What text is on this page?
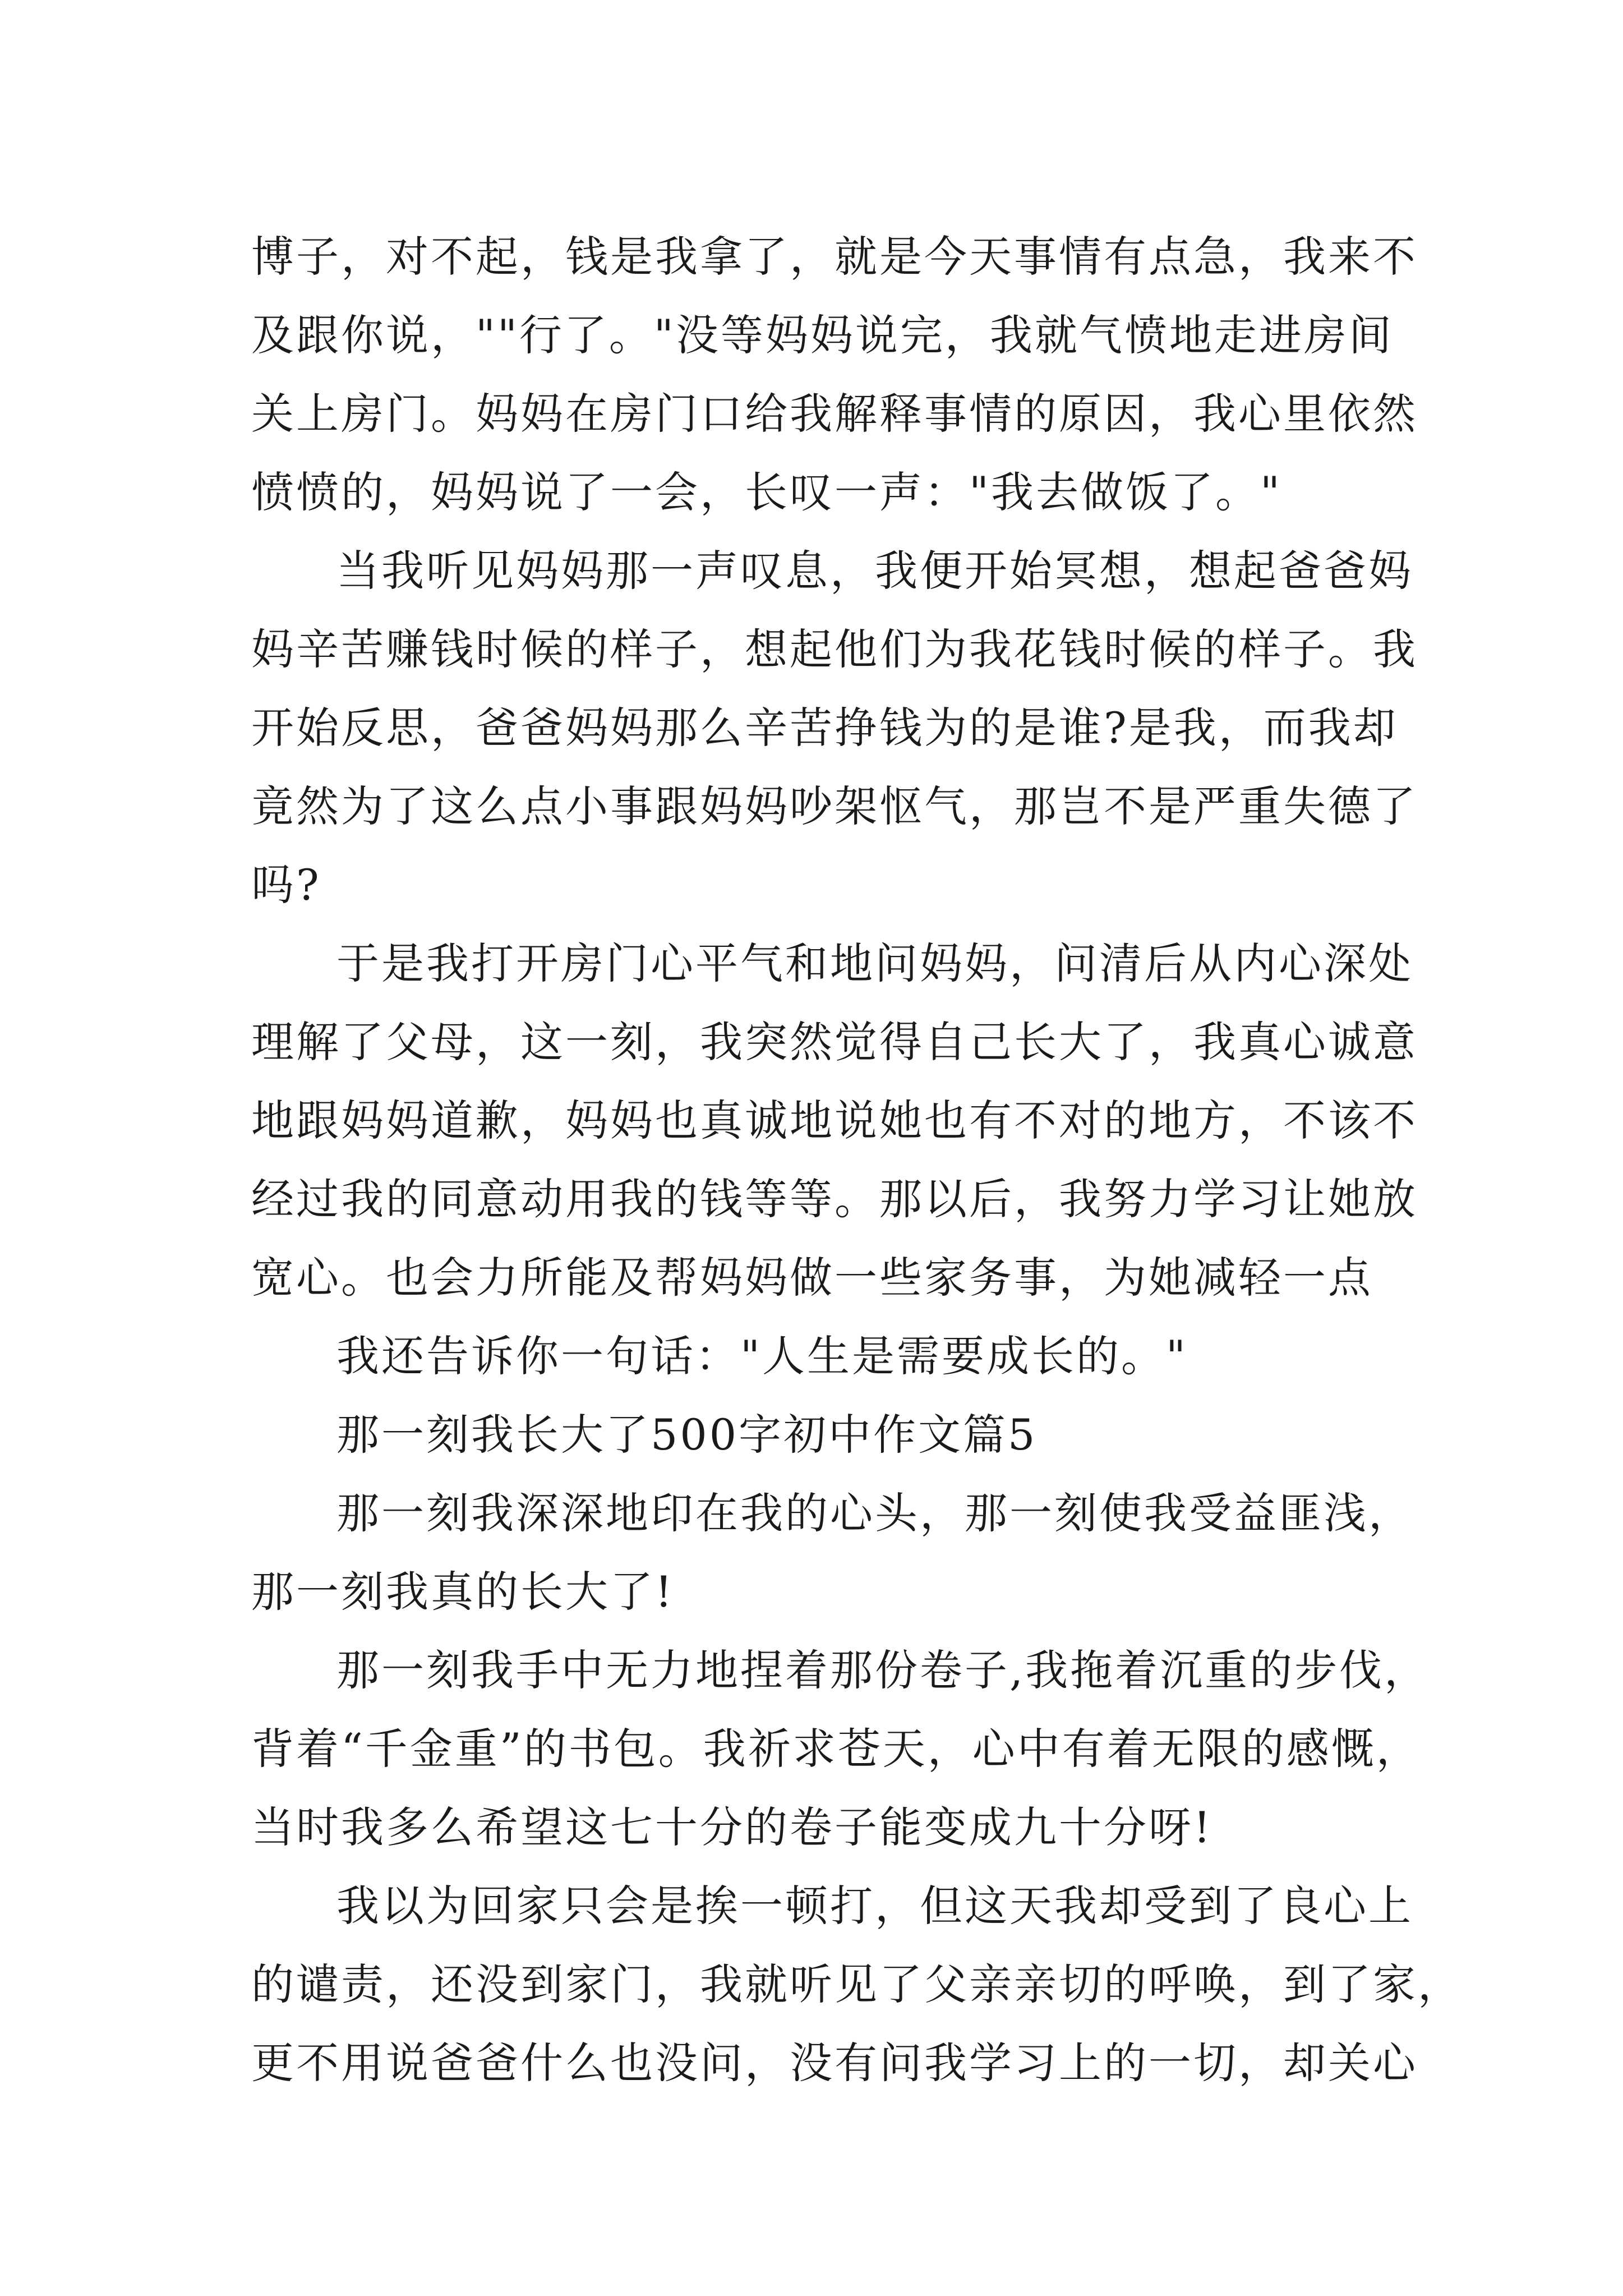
博子，对不起，钱是我拿了，就是今天事情有点急，我来不
及跟你说，""行了。"没等妈妈说完，我就气愤地走进房间
关上房门。妈妈在房门口给我解释事情的原因，我心里依然
愤愤的，妈妈说了一会，长叹一声："我去做饭了。"
当我听见妈妈那一声叹息，我便开始冥想，想起爸爸妈
妈辛苦赚钱时候的样子，想起他们为我花钱时候的样子。我
开始反思，爸爸妈妈那么辛苦挣钱为的是谁?是我，而我却
竟然为了这么点小事跟妈妈吵架怄气，那岂不是严重失德了
吗?
于是我打开房门心平气和地问妈妈，问清后从内心深处
理解了父母，这一刻，我突然觉得自己长大了，我真心诚意
地跟妈妈道歉，妈妈也真诚地说她也有不对的地方，不该不
经过我的同意动用我的钱等等。那以后，我努力学习让她放
宽心。也会力所能及帮妈妈做一些家务事，为她减轻一点
我还告诉你一句话："人生是需要成长的。"
那一刻我长大了500字初中作文篇5
那一刻我深深地印在我的心头，那一刻使我受益匪浅，
那一刻我真的长大了!
那一刻我手中无力地捏着那份卷子,我拖着沉重的步伐，
背着“千金重”的书包。我祈求苍天，心中有着无限的感慨，
当时我多么希望这七十分的卷子能变成九十分呀!
我以为回家只会是挨一顿打，但这天我却受到了良心上
的谴责，还没到家门，我就听见了父亲亲切的呼唤，到了家，
更不用说爸爸什么也没问，没有问我学习上的一切，却关心
